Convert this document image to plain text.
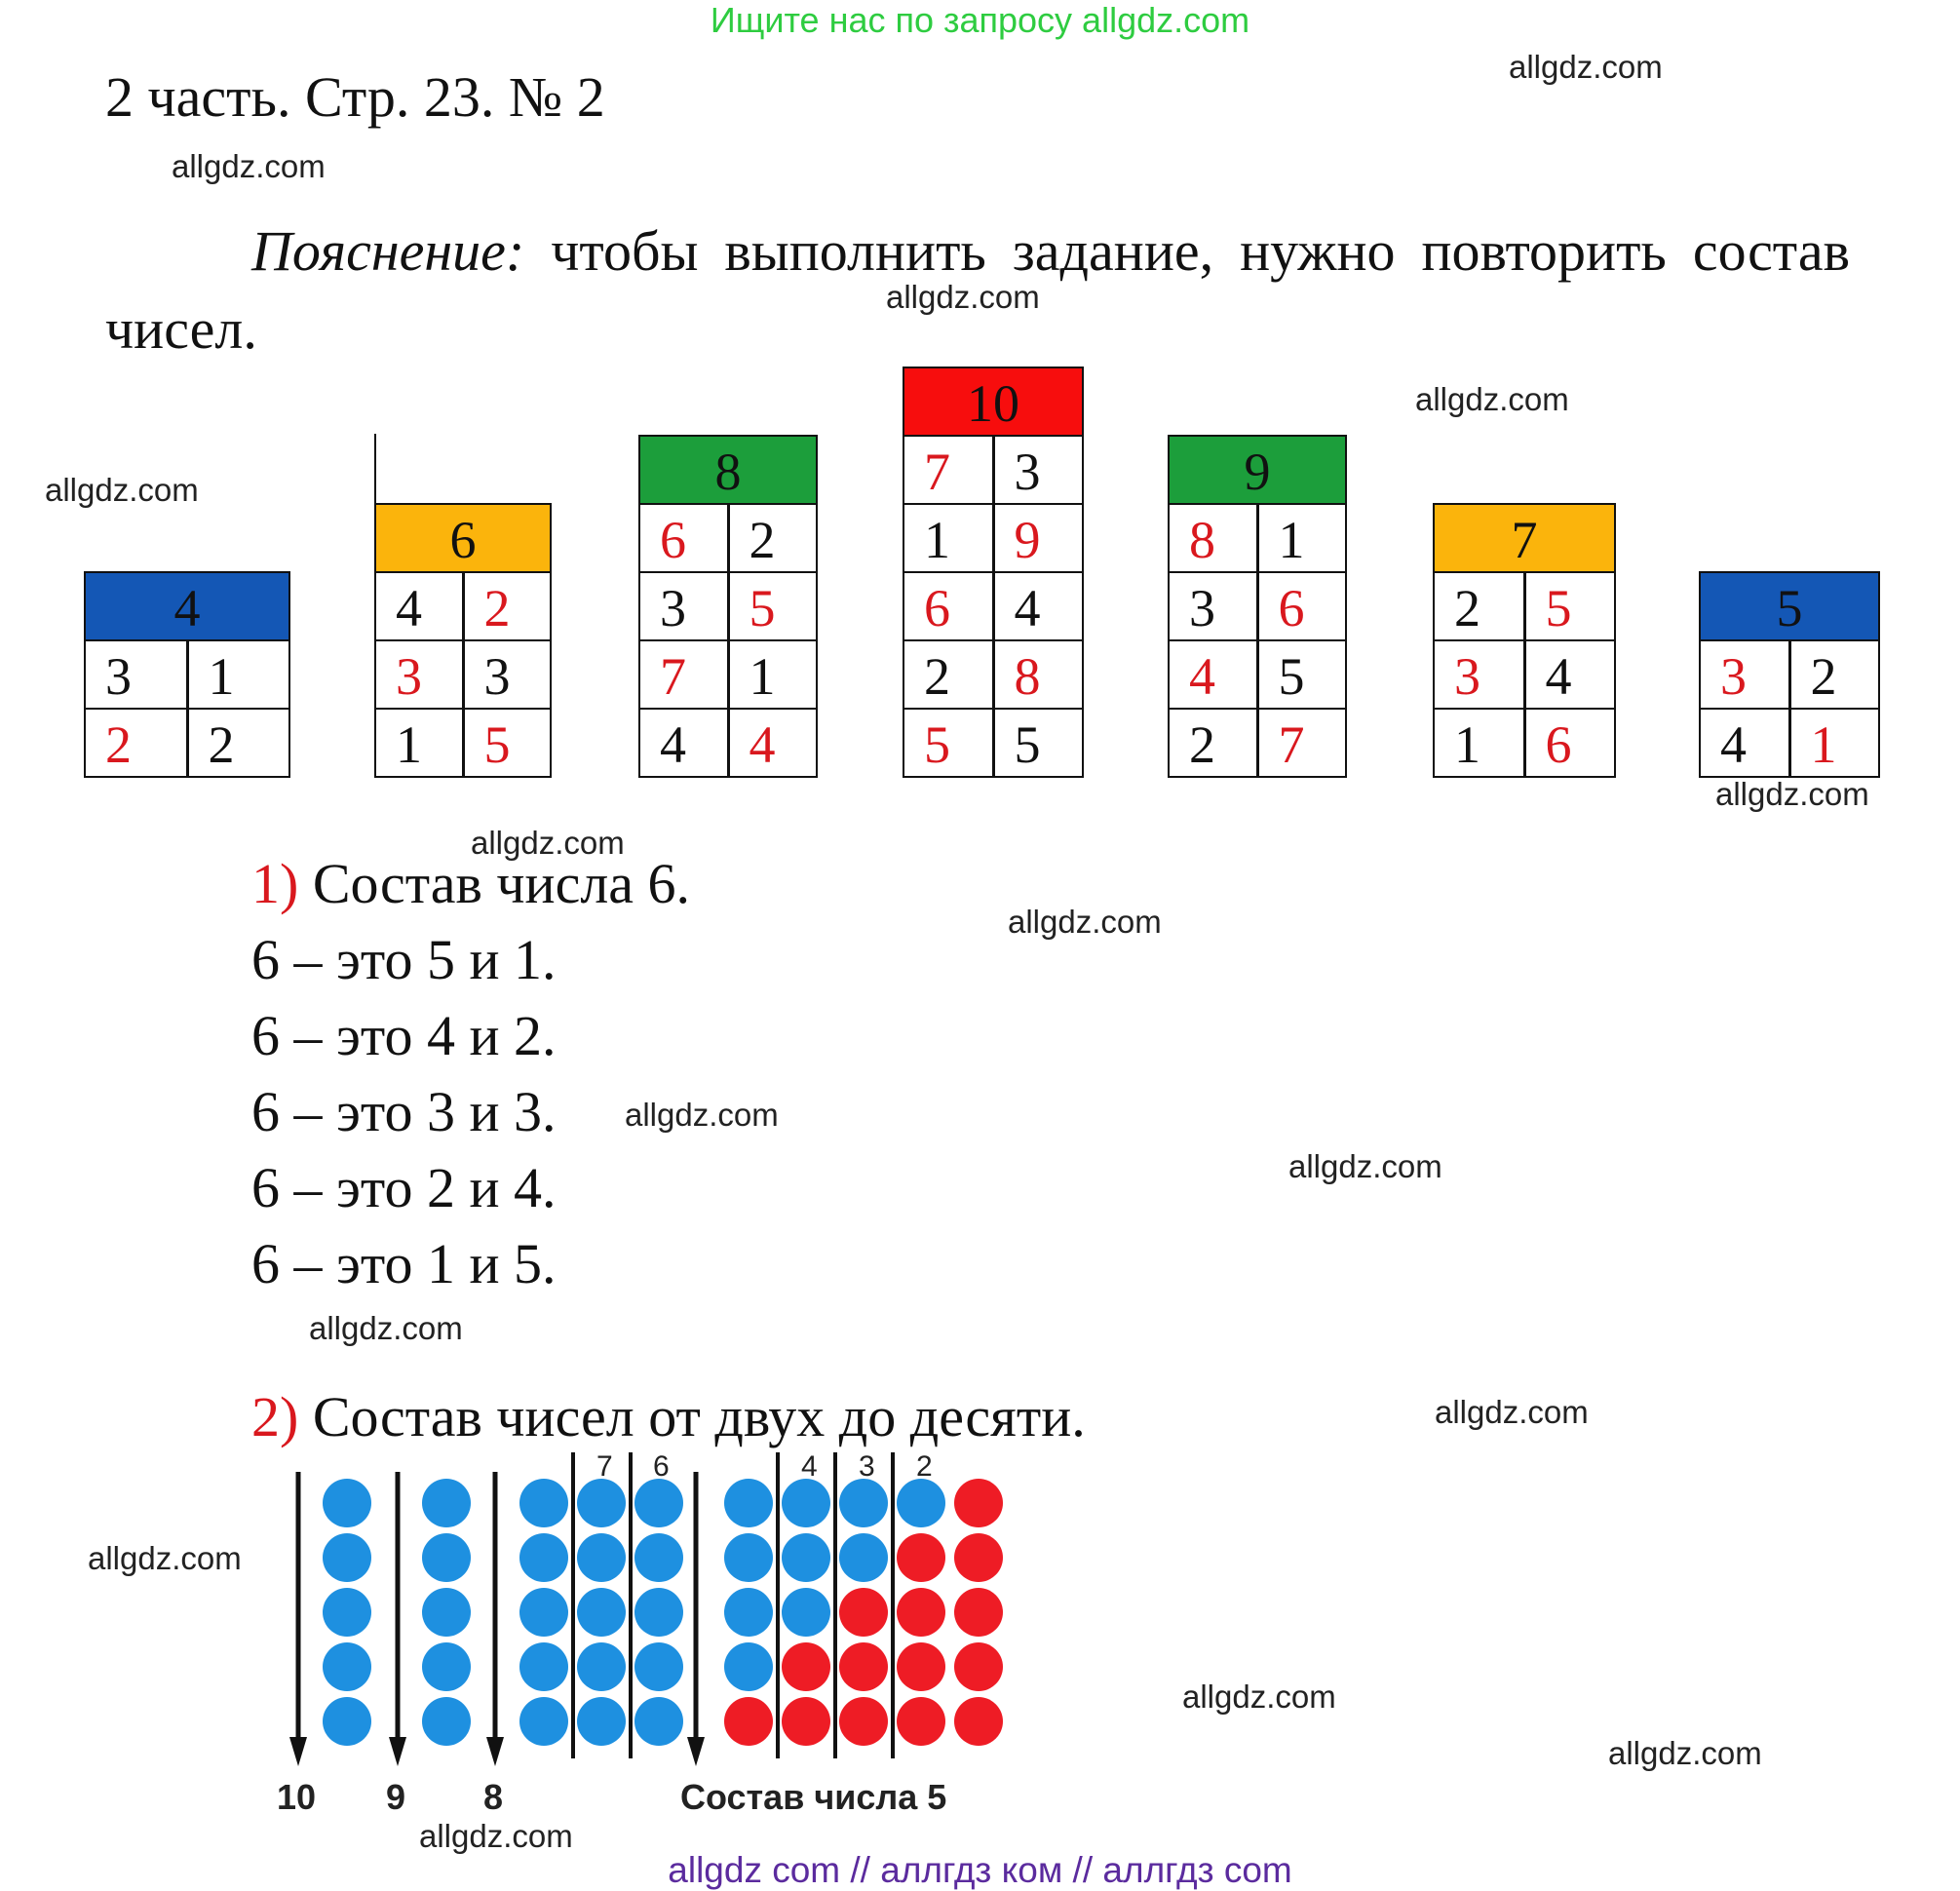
Ищите нас по запросу allgdz.com
2 часть. Стр. 23. № 2
Пояснение: чтобы выполнить задание, нужно повторить состав чисел.
4
3	1
2	2
6
4	2
3	3
1	5
8
6	2
3	5
7	1
4	4
10
7	3
1	9
6	4
2	8
5	5
9
8	1
3	6
4	5
2	7
7
2	5
3	4
1	6
5
3	2
4	1
1) Состав числа 6.
6 – это 5 и 1.
6 – это 4 и 2.
6 – это 3 и 3.
6 – это 2 и 4.
6 – это 1 и 5.
2) Состав чисел от двух до десяти.
7 6	4 3 2
10 9 8	Состав числа 5
allgdz.com
allgdz.com
allgdz.com
allgdz.com
allgdz.com
allgdz.com
allgdz.com
allgdz.com
allgdz.com
allgdz.com
allgdz.com
allgdz.com
allgdz.com
allgdz.com
allgdz.com
allgdz.com
allgdz com // аллгдз ком // аллгдз com
